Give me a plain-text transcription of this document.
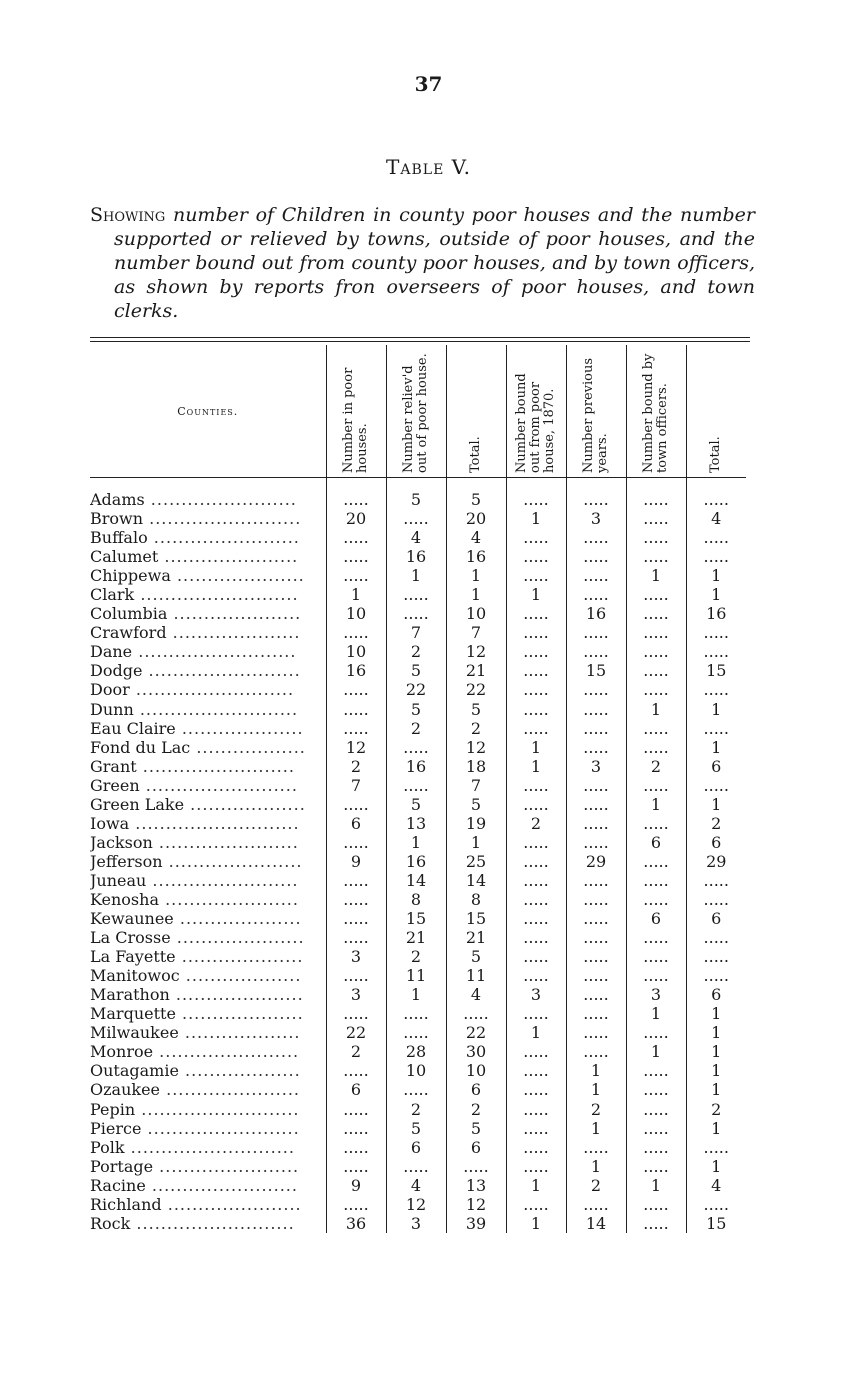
37
Table V.
Showing number of Children in county poor houses and the number supported or relieved by towns, outside of poor houses, and the number bound out from county poor houses, and by town officers, as shown by reports fron overseers of poor houses, and town clerks.
Counties.	Number in poor houses.	Number reliev'd out of poor house.	Total.	Number bound out from poor house, 1870.	Number previous years.	Number bound by town officers.	Total.

Adams ........................	.....	5	5	.....	.....	.....	.....
Brown .........................	20	.....	20	1	3	.....	4
Buffalo ........................	.....	4	4	.....	.....	.....	.....
Calumet ......................	.....	16	16	.....	.....	.....	.....
Chippewa .....................	.....	1	1	.....	.....	1	1
Clark ..........................	1	.....	1	1	.....	.....	1
Columbia .....................	10	.....	10	.....	16	.....	16
Crawford .....................	.....	7	7	.....	.....	.....	.....
Dane ..........................	10	2	12	.....	.....	.....	.....
Dodge .........................	16	5	21	.....	15	.....	15
Door ..........................	.....	22	22	.....	.....	.....	.....
Dunn ..........................	.....	5	5	.....	.....	1	1
Eau Claire ....................	.....	2	2	.....	.....	.....	.....
Fond du Lac ..................	12	.....	12	1	.....	.....	1
Grant .........................	2	16	18	1	3	2	6
Green .........................	7	.....	7	.....	.....	.....	.....
Green Lake ...................	.....	5	5	.....	.....	1	1
Iowa ...........................	6	13	19	2	.....	.....	2
Jackson .......................	.....	1	1	.....	.....	6	6
Jefferson ......................	9	16	25	.....	29	.....	29
Juneau ........................	.....	14	14	.....	.....	.....	.....
Kenosha ......................	.....	8	8	.....	.....	.....	.....
Kewaunee ....................	.....	15	15	.....	.....	6	6
La Crosse .....................	.....	21	21	.....	.....	.....	.....
La Fayette ....................	3	2	5	.....	.....	.....	.....
Manitowoc ...................	.....	11	11	.....	.....	.....	.....
Marathon .....................	3	1	4	3	.....	3	6
Marquette ....................	.....	.....	.....	.....	.....	1	1
Milwaukee ...................	22	.....	22	1	.....	.....	1
Monroe .......................	2	28	30	.....	.....	1	1
Outagamie ...................	.....	10	10	.....	1	.....	1
Ozaukee ......................	6	.....	6	.....	1	.....	1
Pepin ..........................	.....	2	2	.....	2	.....	2
Pierce .........................	.....	5	5	.....	1	.....	1
Polk ...........................	.....	6	6	.....	.....	.....	.....
Portage .......................	.....	.....	.....	.....	1	.....	1
Racine ........................	9	4	13	1	2	1	4
Richland ......................	.....	12	12	.....	.....	.....	.....
Rock ..........................	36	3	39	1	14	.....	15
